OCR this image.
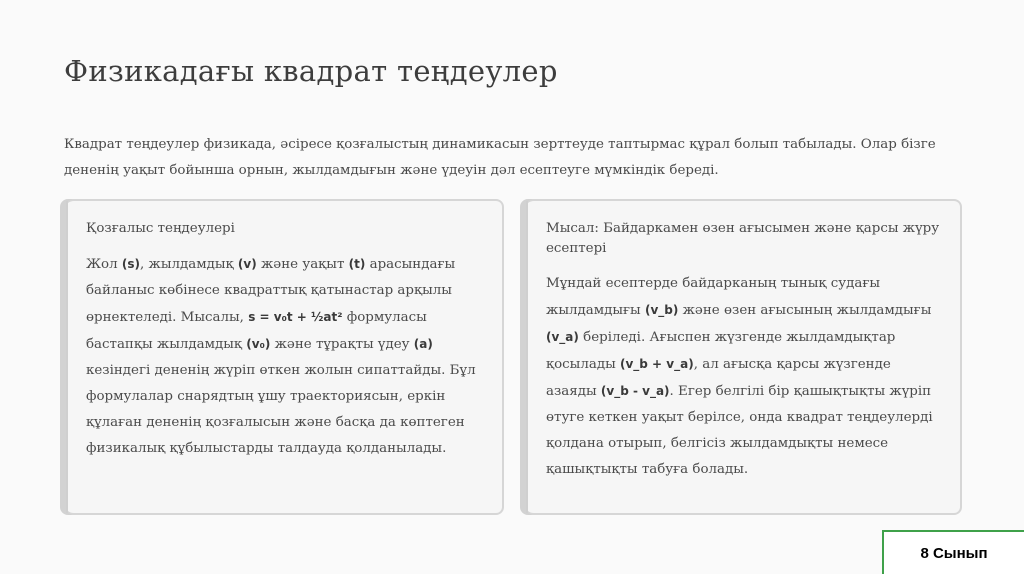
Физикадағы квадрат теңдеулер

Квадрат теңдеулер физикада, әсіресе қозғалыстың динамикасын зерттеуде таптырмас құрал болып табылады. Олар бізге дененің уақыт бойынша орнын, жылдамдығын және үдеуін дәл есептеуге мүмкіндік береді.

Қозғалыс теңдеулері

Жол (s), жылдамдық (v) және уақыт (t) арасындағы байланыс көбінесе квадраттық қатынастар арқылы өрнектеледі. Мысалы, s = v₀t + ½at² формуласы бастапқы жылдамдық (v₀) және тұрақты үдеу (a) кезіндегі дененің жүріп өткен жолын сипаттайды. Бұл формулалар снарядтың ұшу траекториясын, еркін құлаған дененің қозғалысын және басқа да көптеген физикалық құбылыстарды талдауда қолданылады.

Мысал: Байдаркамен өзен ағысымен және қарсы жүру есептері

Мұндай есептерде байдарканың тынық судағы жылдамдығы (v_b) және өзен ағысының жылдамдығы (v_a) беріледі. Ағыспен жүзгенде жылдамдықтар қосылады (v_b + v_a), ал ағысқа қарсы жүзгенде азаяды (v_b - v_a). Егер белгілі бір қашықтықты жүріп өтуге кеткен уақыт берілсе, онда квадрат теңдеулерді қолдана отырып, белгісіз жылдамдықты немесе қашықтықты табуға болады.

8 Сынып
